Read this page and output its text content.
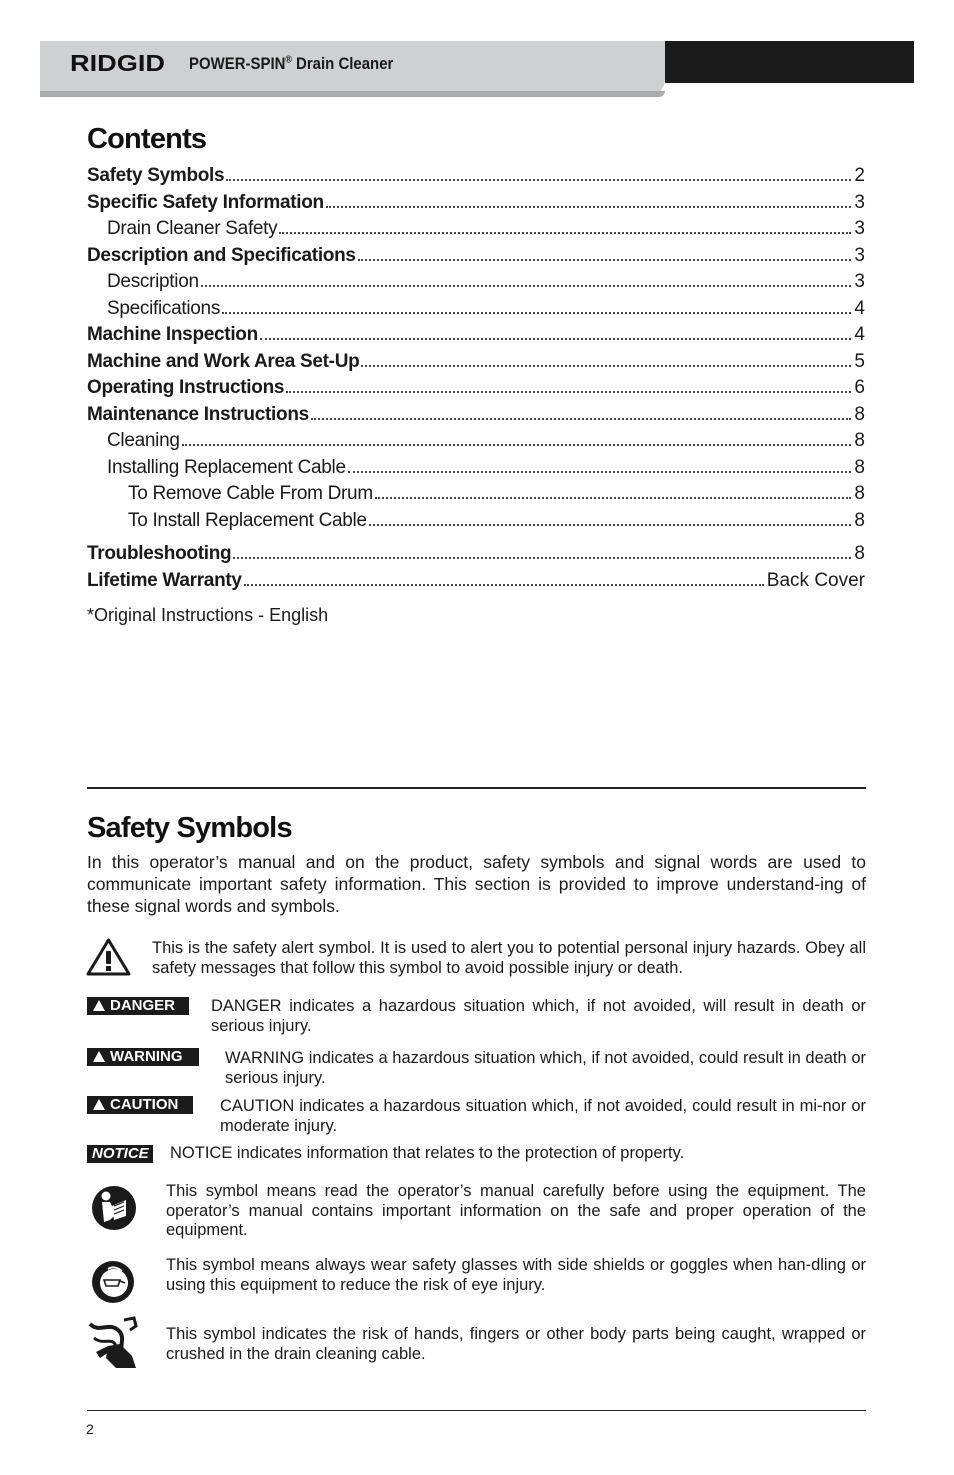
RIDGID POWER-SPIN® Drain Cleaner
Contents
Safety Symbols	2
Specific Safety Information	3
Drain Cleaner Safety	3
Description and Specifications	3
Description	3
Specifications	4
Machine Inspection	4
Machine and Work Area Set-Up	5
Operating Instructions	6
Maintenance Instructions	8
Cleaning	8
Installing Replacement Cable	8
To Remove Cable From Drum	8
To Install Replacement Cable	8
Troubleshooting	8
Lifetime Warranty	Back Cover
*Original Instructions - English
Safety Symbols
In this operator’s manual and on the product, safety symbols and signal words are used to communicate important safety information. This section is provided to improve understand-ing of these signal words and symbols.
This is the safety alert symbol. It is used to alert you to potential personal injury hazards. Obey all safety messages that follow this symbol to avoid possible injury or death.
DANGER	DANGER indicates a hazardous situation which, if not avoided, will result in death or serious injury.
WARNING	WARNING indicates a hazardous situation which, if not avoided, could result in death or serious injury.
CAUTION	CAUTION indicates a hazardous situation which, if not avoided, could result in mi-nor or moderate injury.
NOTICE NOTICE indicates information that relates to the protection of property.
This symbol means read the operator’s manual carefully before using the equipment. The operator’s manual contains important information on the safe and proper operation of the equipment.
This symbol means always wear safety glasses with side shields or goggles when han-dling or using this equipment to reduce the risk of eye injury.
This symbol indicates the risk of hands, fingers or other body parts being caught, wrapped or crushed in the drain cleaning cable.
2
